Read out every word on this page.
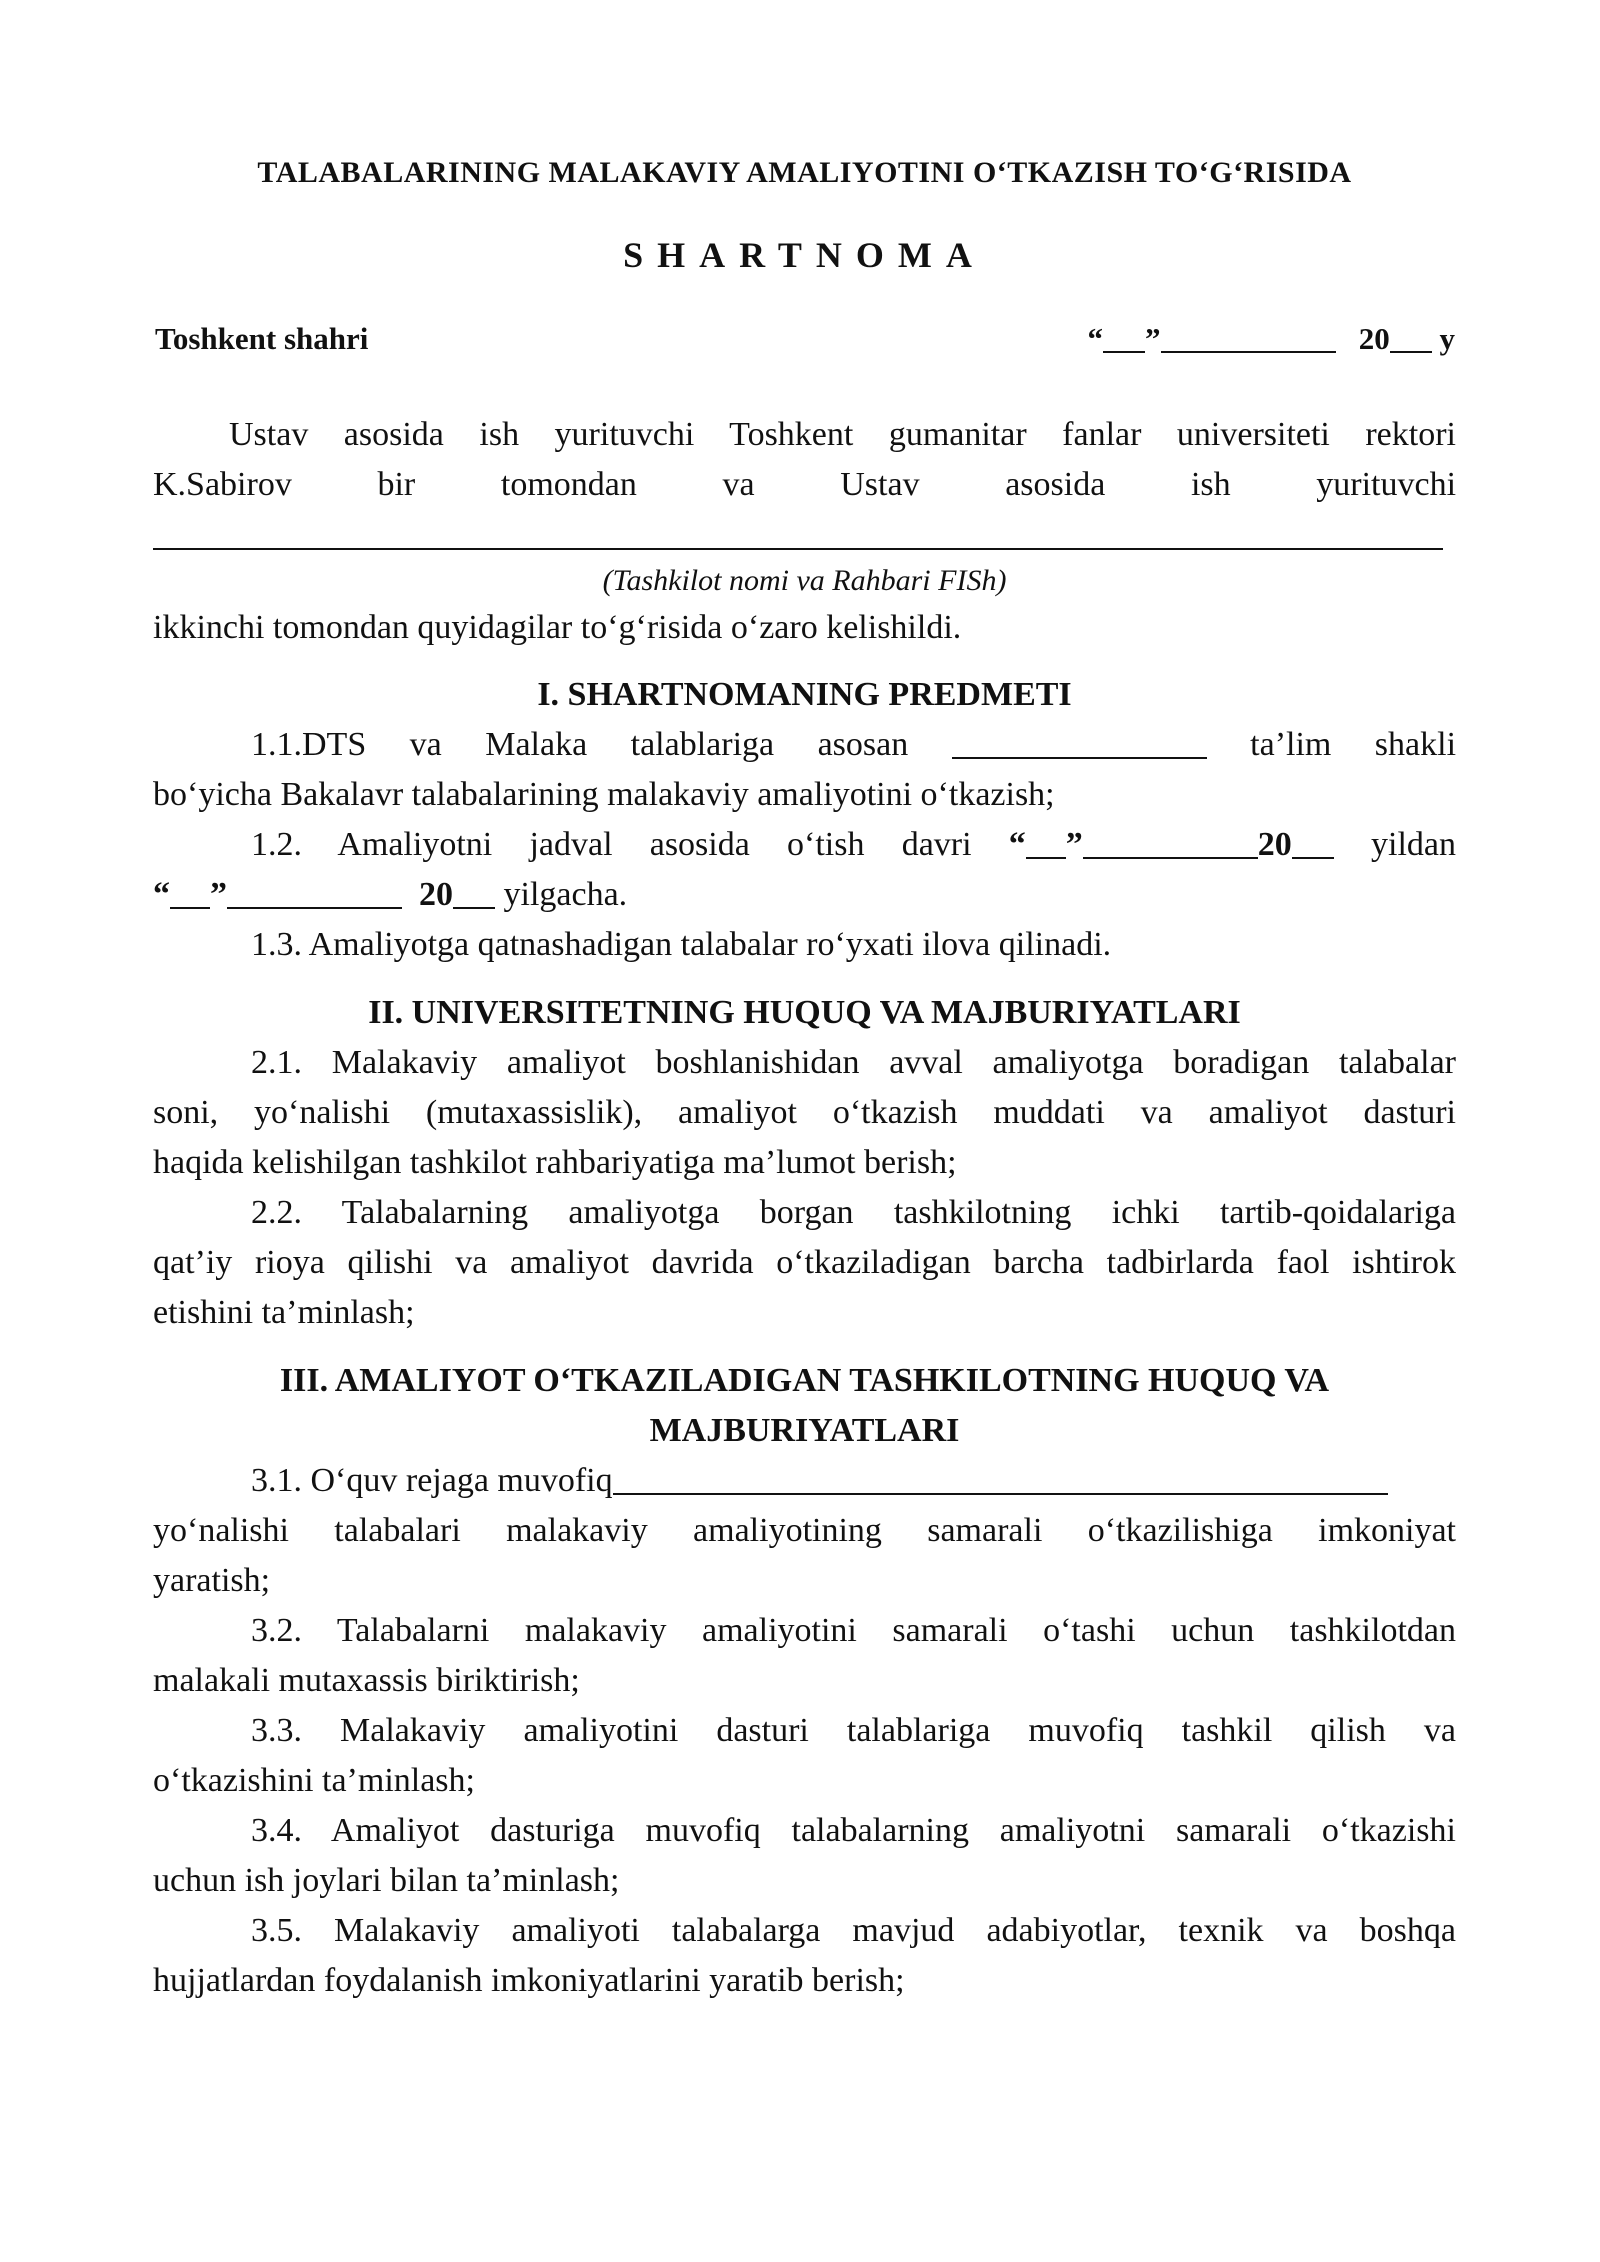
TALABALARINING MALAKAVIY AMALIYOTINI O‘TKAZISH TO‘G‘RISIDA
SHARTNOMA
Toshkent shahri	“ ”	20 y
Ustav asosida ish yurituvchi Toshkent gumanitar fanlar universiteti rektori
K.Sabirov	bir	tomondan	va	Ustav	asosida	ish	yurituvchi
(Tashkilot nomi va Rahbari FISh)
ikkinchi tomondan quyidagilar to‘g‘risida o‘zaro kelishildi.
I. SHARTNOMANING PREDMETI
1.1.DTS va Malaka talablariga asosan	ta’lim shakli
bo‘yicha Bakalavr talabalarining malakaviy amaliyotini o‘tkazish;
1.2. Amaliyotni jadval asosida o‘tish davri “ ”	20 yildan
“ ”	20 yilgacha.
1.3. Amaliyotga qatnashadigan talabalar ro‘yxati ilova qilinadi.
II. UNIVERSITETNING HUQUQ VA MAJBURIYATLARI
2.1. Malakaviy amaliyot boshlanishidan avval amaliyotga boradigan talabalar
soni, yo‘nalishi (mutaxassislik), amaliyot o‘tkazish muddati va amaliyot dasturi
haqida kelishilgan tashkilot rahbariyatiga ma’lumot berish;
2.2. Talabalarning amaliyotga borgan tashkilotning ichki tartib-qoidalariga
qat’iy rioya qilishi va amaliyot davrida o‘tkaziladigan barcha tadbirlarda faol ishtirok
etishini ta’minlash;
III. AMALIYOT O‘TKAZILADIGAN TASHKILOTNING HUQUQ VA
MAJBURIYATLARI
3.1. O‘quv rejaga muvofiq
yo‘nalishi talabalari malakaviy amaliyotining samarali o‘tkazilishiga imkoniyat
yaratish;
3.2. Talabalarni malakaviy amaliyotini samarali o‘tashi uchun tashkilotdan
malakali mutaxassis biriktirish;
3.3. Malakaviy amaliyotini dasturi talablariga muvofiq tashkil qilish va
o‘tkazishini ta’minlash;
3.4. Amaliyot dasturiga muvofiq talabalarning amaliyotni samarali o‘tkazishi
uchun ish joylari bilan ta’minlash;
3.5. Malakaviy amaliyoti talabalarga mavjud adabiyotlar, texnik va boshqa
hujjatlardan foydalanish imkoniyatlarini yaratib berish;
